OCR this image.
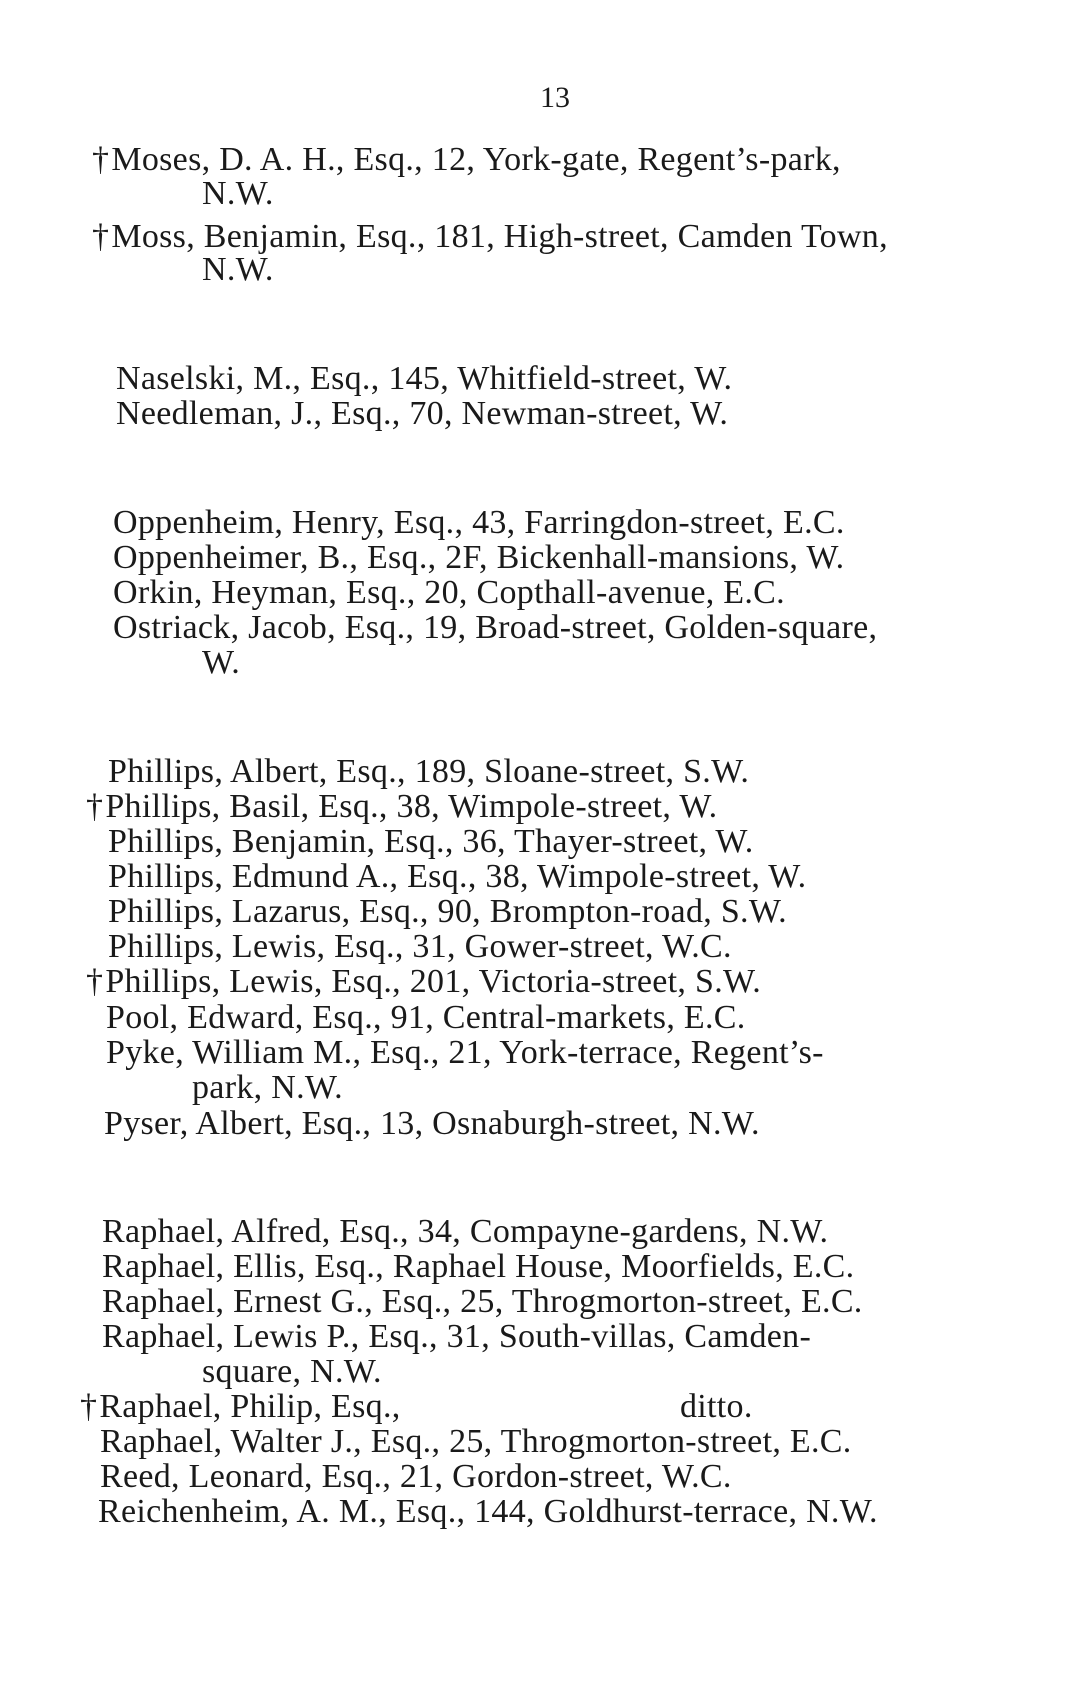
13
†Moses, D. A. H., Esq., 12, York-gate, Regent’s-park,
N.W.
†Moss, Benjamin, Esq., 181, High-street, Camden Town,
N.W.
Naselski, M., Esq., 145, Whitfield-street, W.
Needleman, J., Esq., 70, Newman-street, W.
Oppenheim, Henry, Esq., 43, Farringdon-street, E.C.
Oppenheimer, B., Esq., 2F, Bickenhall-mansions, W.
Orkin, Heyman, Esq., 20, Copthall-avenue, E.C.
Ostriack, Jacob, Esq., 19, Broad-street, Golden-square,
W.
Phillips, Albert, Esq., 189, Sloane-street, S.W.
†Phillips, Basil, Esq., 38, Wimpole-street, W.
Phillips, Benjamin, Esq., 36, Thayer-street, W.
Phillips, Edmund A., Esq., 38, Wimpole-street, W.
Phillips, Lazarus, Esq., 90, Brompton-road, S.W.
Phillips, Lewis, Esq., 31, Gower-street, W.C.
†Phillips, Lewis, Esq., 201, Victoria-street, S.W.
Pool, Edward, Esq., 91, Central-markets, E.C.
Pyke, William M., Esq., 21, York-terrace, Regent’s-
park, N.W.
Pyser, Albert, Esq., 13, Osnaburgh-street, N.W.
Raphael, Alfred, Esq., 34, Compayne-gardens, N.W.
Raphael, Ellis, Esq., Raphael House, Moorfields, E.C.
Raphael, Ernest G., Esq., 25, Throgmorton-street, E.C.
Raphael, Lewis P., Esq., 31, South-villas, Camden-
square, N.W.
†Raphael, Philip, Esq.,	ditto.
Raphael, Walter J., Esq., 25, Throgmorton-street, E.C.
Reed, Leonard, Esq., 21, Gordon-street, W.C.
Reichenheim, A. M., Esq., 144, Goldhurst-terrace, N.W.
